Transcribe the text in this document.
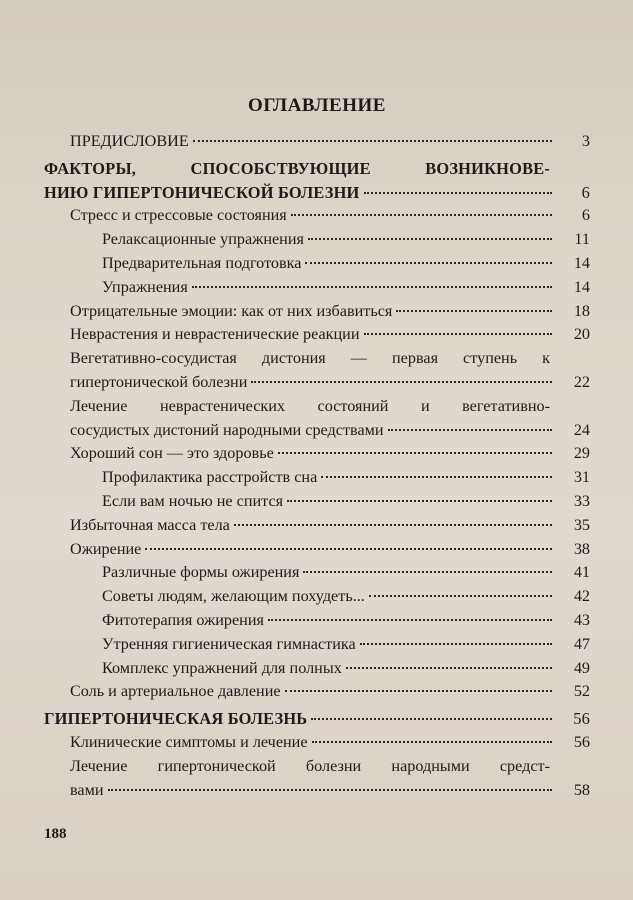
ОГЛАВЛЕНИЕ
ПРЕДИСЛОВИЕ	3
ФАКТОРЫ, СПОСОБСТВУЮЩИЕ ВОЗНИКНОВЕ-
НИЮ ГИПЕРТОНИЧЕСКОЙ БОЛЕЗНИ	6
Стресс и стрессовые состояния	6
Релаксационные упражнения	11
Предварительная подготовка	14
Упражнения	14
Отрицательные эмоции: как от них избавиться	18
Неврастения и неврастенические реакции	20
Вегетативно-сосудистая дистония — первая ступень к
гипертонической болезни	22
Лечение неврастенических состояний и вегетативно-
сосудистых дистоний народными средствами	24
Хороший сон — это здоровье	29
Профилактика расстройств сна	31
Если вам ночью не спится	33
Избыточная масса тела	35
Ожирение	38
Различные формы ожирения	41
Советы людям, желающим похудеть...	42
Фитотерапия ожирения	43
Утренняя гигиеническая гимнастика	47
Комплекс упражнений для полных	49
Соль и артериальное давление	52
ГИПЕРТОНИЧЕСКАЯ БОЛЕЗНЬ	56
Клинические симптомы и лечение	56
Лечение гипертонической болезни народными средст-
вами	58
188
